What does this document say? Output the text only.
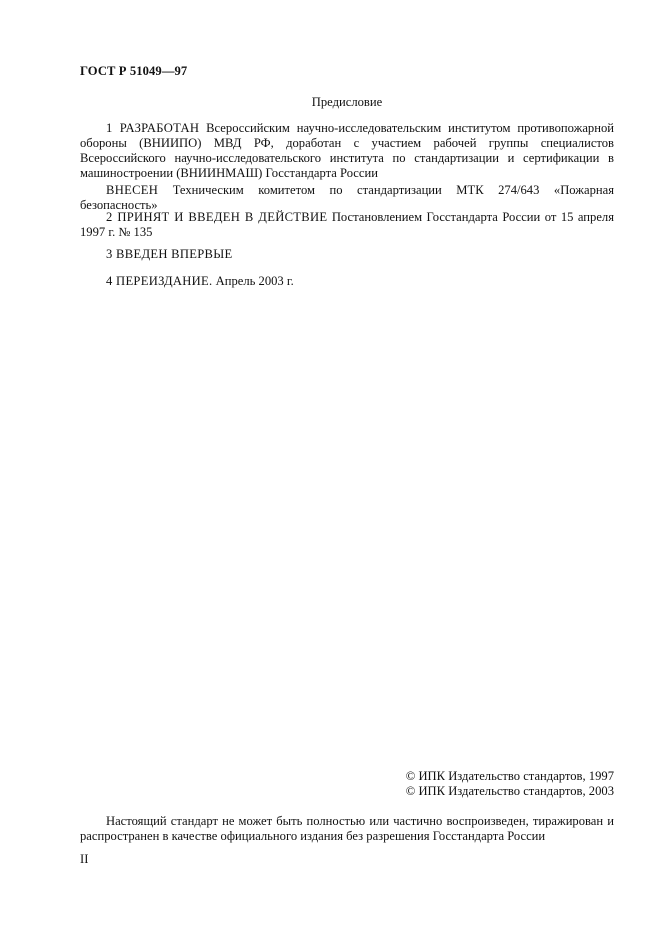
ГОСТ Р 51049—97
Предисловие
1 РАЗРАБОТАН Всероссийским научно-исследовательским институтом противопожарной обороны (ВНИИПО) МВД РФ, доработан с участием рабочей группы специалистов Всероссийского научно-исследовательского института по стандартизации и сертификации в машиностроении (ВНИИНМАШ) Госстандарта России
ВНЕСЕН Техническим комитетом по стандартизации МТК 274/643 «Пожарная безопасность»
2 ПРИНЯТ И ВВЕДЕН В ДЕЙСТВИЕ Постановлением Госстандарта России от 15 апреля 1997 г. № 135
3 ВВЕДЕН ВПЕРВЫЕ
4 ПЕРЕИЗДАНИЕ. Апрель 2003 г.
© ИПК Издательство стандартов, 1997
© ИПК Издательство стандартов, 2003
Настоящий стандарт не может быть полностью или частично воспроизведен, тиражирован и распространен в качестве официального издания без разрешения Госстандарта России
II
